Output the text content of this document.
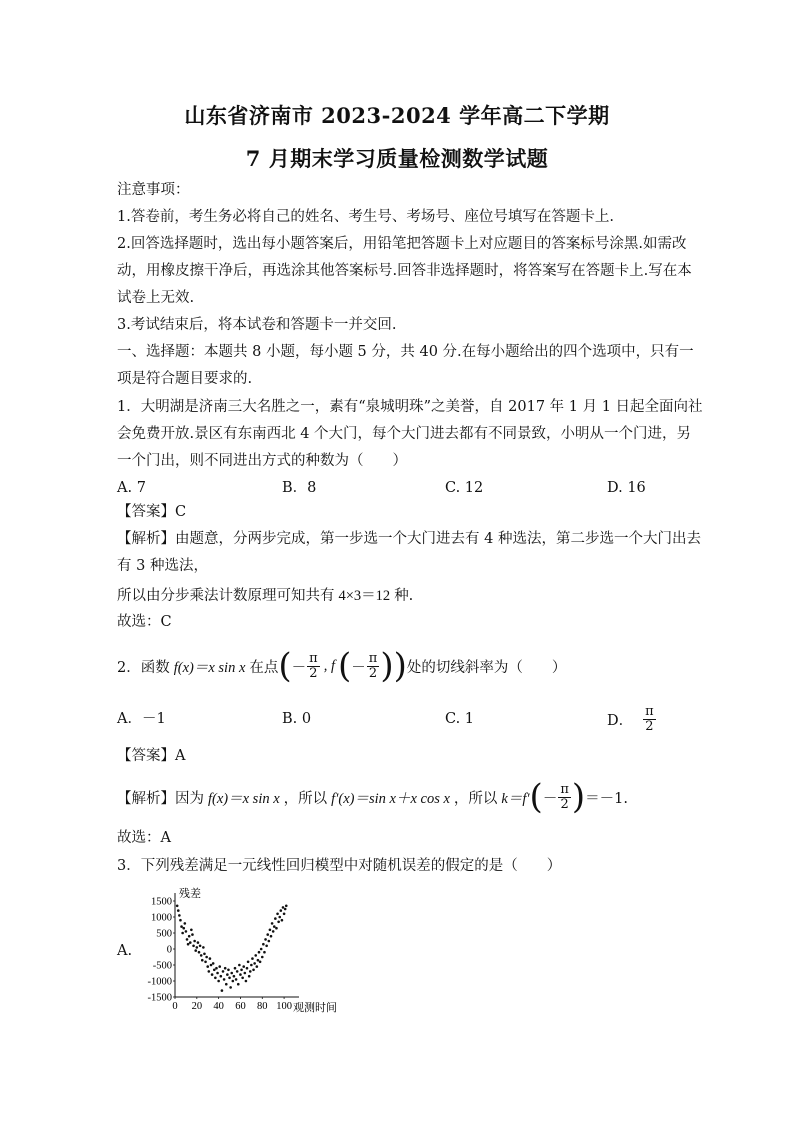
山东省济南市 2023-2024 学年高二下学期
7 月期末学习质量检测数学试题
注意事项：
1.答卷前，考生务必将自己的姓名、考生号、考场号、座位号填写在答题卡上.
2.回答选择题时，选出每小题答案后，用铅笔把答题卡上对应题目的答案标号涂黑.如需改
动，用橡皮擦干净后，再选涂其他答案标号.回答非选择题时，将答案写在答题卡上.写在本
试卷上无效.
3.考试结束后，将本试卷和答题卡一并交回.
一、选择题：本题共 8 小题，每小题 5 分，共 40 分.在每小题给出的四个选项中，只有一
项是符合题目要求的.
1．大明湖是济南三大名胜之一，素有“泉城明珠”之美誉，自 2017 年 1 月 1 日起全面向社
会免费开放.景区有东南西北 4 个大门，每个大门进去都有不同景致，小明从一个门进，另
一个门出，则不同进出方式的种数为（　　）
A. 7	B．8	C. 12	D. 16
【答案】C
【解析】由题意，分两步完成，第一步选一个大门进去有 4 种选法，第二步选一个大门出去
有 3 种选法，
所以由分步乘法计数原理可知共有 4×3＝12 种.
故选：C
2．函数 f(x)＝x sin x 在点 ( － $\frac{\pi}{2}$ , f ( － $\frac{\pi}{2}$ ) ) 处的切线斜率为（　　）
A．－1	B. 0	C. 1	D． $\frac{\pi}{2}$
【答案】A
【解析】因为 f(x)＝x sin x ，所以 f′(x)＝sin x＋x cos x ，所以 k＝f′ ( － $\frac{\pi}{2}$ ) ＝－1.
故选：A
3．下列残差满足一元线性回归模型中对随机误差的假定的是（　　）
A.
1500
1000
500
0
-500
-1000
-1500
0 20 40 60 80 100
残差
观测时间
